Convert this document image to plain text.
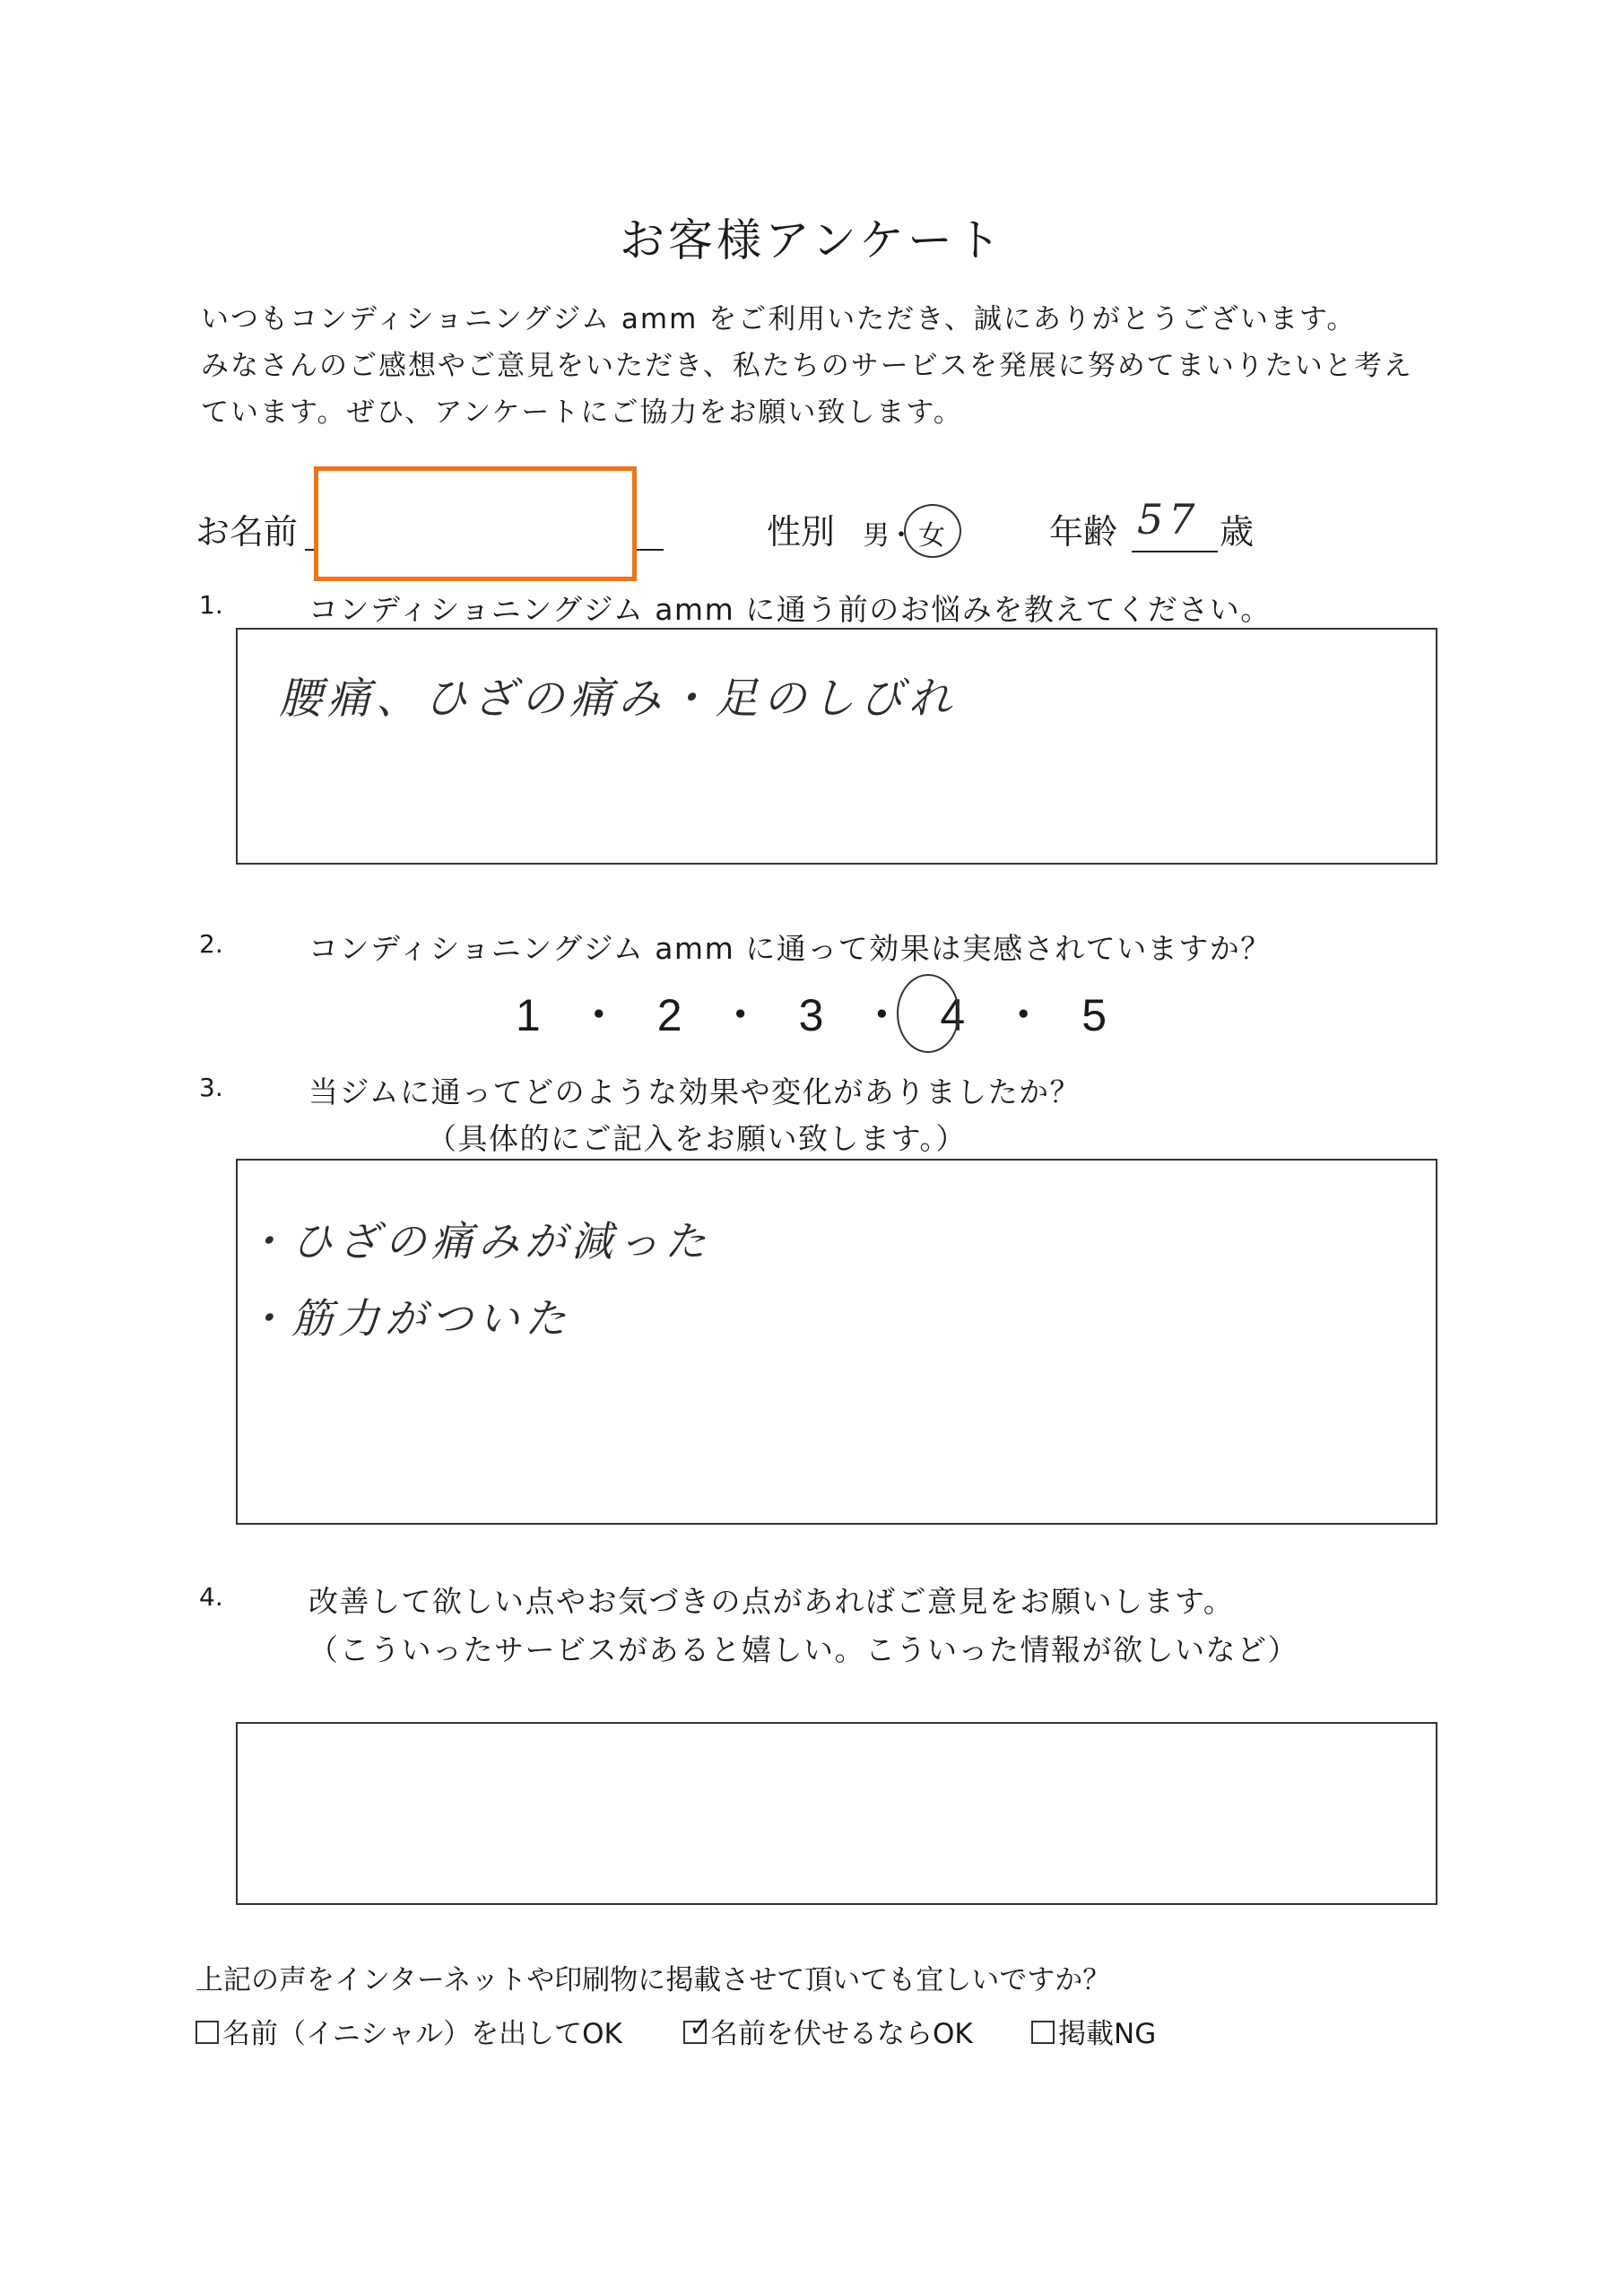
お客様アンケート
いつもコンディショニングジム amm をご利用いただき、誠にありがとうございます。
みなさんのご感想やご意見をいただき、私たちのサービスを発展に努めてまいりたいと考え
ています。ぜひ、アンケートにご協力をお願い致します。
お名前	性別 男
・ 女	年齢 57 歳
1.	コンディショニングジム amm に通う前のお悩みを教えてください。
腰痛、ひざの痛み・足のしびれ
2.	コンディショニングジム amm に通って効果は実感されていますか？
1 ・ 2 ・ 3 ・ 4 ・ 5
3.	当ジムに通ってどのような効果や変化がありましたか？
（具体的にご記入をお願い致します。）
・ひざの痛みが減った
・筋力がついた
4.	改善して欲しい点やお気づきの点があればご意見をお願いします。
（こういったサービスがあると嬉しい。こういった情報が欲しいなど）
上記の声をインターネットや印刷物に掲載させて頂いても宜しいですか？
名前（イニシャル）を出してOK ✓
名前を伏せるならOK	掲載NG
